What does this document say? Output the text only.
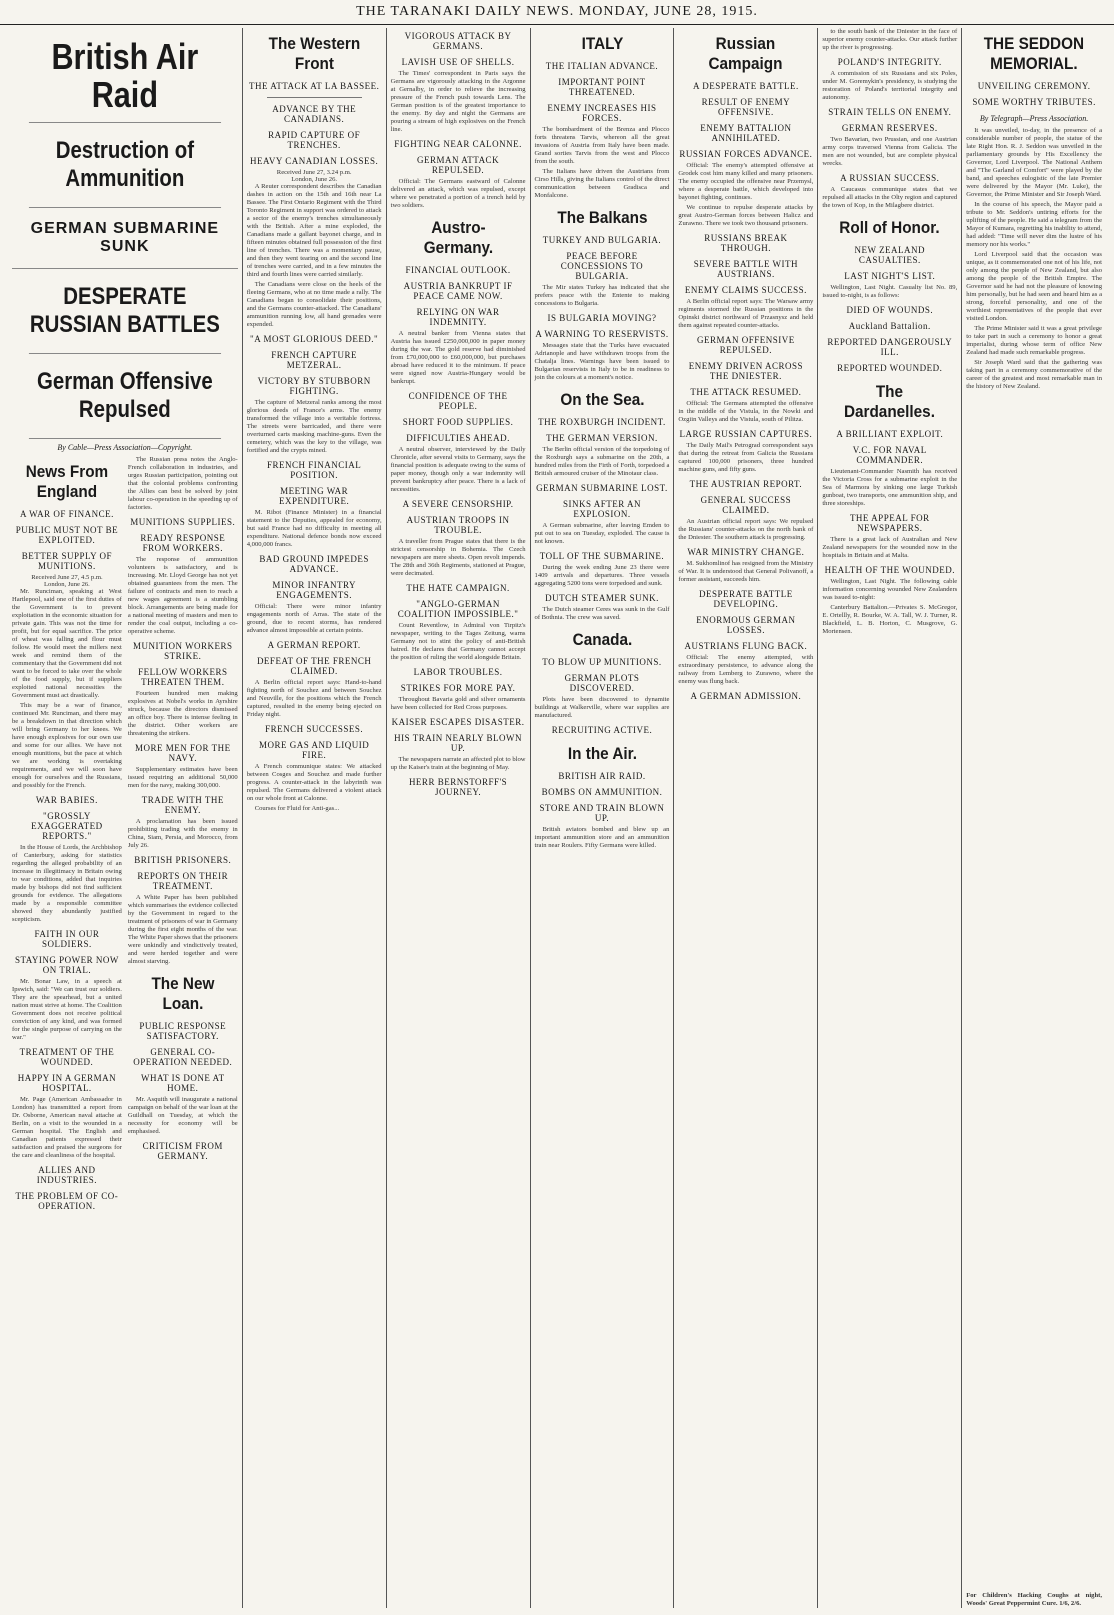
THE TARANAKI DAILY NEWS. MONDAY, JUNE 28, 1915.
British Air Raid
Destruction of Ammunition
GERMAN SUBMARINE SUNK
DESPERATE RUSSIAN BATTLES
German Offensive Repulsed
By Cable—Press Association—Copyright.
News From England
A WAR OF FINANCE.
PUBLIC MUST NOT BE EXPLOITED.
BETTER SUPPLY OF MUNITIONS.
Received June 27, 4.5 p.m.
London, June 26.

Mr. Runciman, speaking at West Hartlepool, said one of the first duties of the Government is to prevent exploitation in the economic situation for private gain. This was not the time for profit, but for equal sacrifice. The price of wheat was falling and flour must follow. He would meet the millers next week and remind them of the commentary that the Government did not want to be forced to take over the whole of the food supply, but if suppliers exploited national necessities the Government must act drastically.

This may be a war of finance, continued Mr. Runciman, and there may be a breakdown in that direction which will bring Germany to her knees. We have enough explosives for our own use and some for our allies. We have not enough munitions, but the pace at which we are working is overtaking requirements, and we will soon have enough for ourselves and the Russians, and possibly for the French.

WAR BABIES.
"GROSSLY EXAGGERATED REPORTS."

In the House of Lords, the Archbishop of Canterbury, asking for statistics regarding the alleged probability of an increase in illegitimacy in Britain owing to war conditions, added that inquiries made by bishops did not find sufficient grounds for evidence. The allegations made by a responsible committee showed they abundantly justified scepticism.

FAITH IN OUR SOLDIERS.
STAYING POWER NOW ON TRIAL.

Mr. Bonar Law, in a speech at Ipswich, said: "We can trust our soldiers. They are the spearhead, but a united nation must strive at home. The Coalition Government does not receive political conviction of any kind, and was formed for the single purpose of carrying on the war."

TREATMENT OF THE WOUNDED.
HAPPY IN A GERMAN HOSPITAL.

Mr. Page (American Ambassador in London) has transmitted a report from Dr. Osborne, American naval attache at Berlin, on a visit to the wounded in a German hospital. The English and Canadian patients expressed their satisfaction and praised the surgeons for the care and cleanliness of the hospital.

ALLIES AND INDUSTRIES.
THE PROBLEM OF CO-OPERATION.

The Russian press notes the Anglo-French collaboration in industries, and urges Russian participation, pointing out that the colonial problems confronting the Allies can best be solved by joint labour co-operation in the speeding up of factories.

MUNITIONS SUPPLIES.
READY RESPONSE FROM WORKERS.

The response of ammunition volunteers is satisfactory, and is increasing. Mr. Lloyd George has not yet obtained guarantees from the men. The failure of contracts and men to reach a new wages agreement is a stumbling block. Arrangements are being made for a national meeting of masters and men to render the coal output, including a co-operative scheme.

MUNITION WORKERS STRIKE.
FELLOW WORKERS THREATEN THEM.

Fourteen hundred men making explosives at Nobel's works in Ayrshire struck, because the directors dismissed an office boy. There is intense feeling in the district. Other workers are threatening the strikers.

MORE MEN FOR THE NAVY.

Supplementary estimates have been issued requiring an additional 50,000 men for the navy, making 300,000.

TRADE WITH THE ENEMY.

A proclamation has been issued prohibiting trading with the enemy in China, Siam, Persia, and Morocco, from July 26.

BRITISH PRISONERS.
REPORTS ON THEIR TREATMENT.

A White Paper has been published which summarises the evidence collected by the Government in regard to the treatment of prisoners of war in Germany during the first eight months of the war. The White Paper shows that the prisoners were unkindly and vindictively treated, and were herded together and were almost starving.

The New Loan.
PUBLIC RESPONSE SATISFACTORY.
GENERAL CO-OPERATION NEEDED.
WHAT IS DONE AT HOME.

Mr. Asquith will inaugurate a national campaign on behalf of the war loan at the Guildhall on Tuesday, at which the necessity for economy will be emphasised.

CRITICISM FROM GERMANY.
The Western Front
THE ATTACK AT LA BASSEE.
ADVANCE BY THE CANADIANS.
RAPID CAPTURE OF TRENCHES.
HEAVY CANADIAN LOSSES.
Received June 27, 3.24 p.m.
London, June 26.

A Reuter correspondent describes the Canadian dashes in action on the 15th and 16th near La Bassee. The First Ontario Regiment with the Third Toronto Regiment in support was ordered to attack a sector of the enemy's trenches simultaneously with the British. After a mine exploded, the Canadians made a gallant bayonet charge, and in fifteen minutes obtained full possession of the first line of trenches. There was a momentary pause, and then they went tearing on and the second line of trenches were carried, and in a few minutes the third and fourth lines were carried similarly.

The Canadians were close on the heels of the fleeing Germans, who at no time made a rally. The Canadians began to consolidate their positions, and the Germans counter-attacked. The Canadians' ammunition running low, all hand grenades were expended.

"A MOST GLORIOUS DEED."
FRENCH CAPTURE METZERAL.
VICTORY BY STUBBORN FIGHTING.

The capture of Metzeral ranks among the most glorious deeds of France's arms. The enemy transformed the village into a veritable fortress. The streets were barricaded, and there were overturned carts masking machine-guns. Even the cemetery, which was the key to the village, was fortified and the crypts mined.

FRENCH FINANCIAL POSITION.
MEETING WAR EXPENDITURE.

M. Ribot (Finance Minister) in a financial statement to the Deputies, appealed for economy, but said France had no difficulty in meeting all expenditure. National defence bonds now exceed 4,000,000 francs.

BAD GROUND IMPEDES ADVANCE.
MINOR INFANTRY ENGAGEMENTS.

Official: There were minor infantry engagements north of Arras. The state of the ground, due to recent storms, has rendered advance almost impossible at certain points.

A GERMAN REPORT.
DEFEAT OF THE FRENCH CLAIMED.

A Berlin official report says: Hand-to-hand fighting north of Souchez and between Souchez and Neuville, for the positions which the French captured, resulted in the enemy being ejected on Friday night.

FRENCH SUCCESSES.
MORE GAS AND LIQUID FIRE.

A French communique states: We attacked between Cosges and Souchez and made further progress. A counter-attack in the labyrinth was repulsed. The Germans delivered a violent attack on our whole front at Calonne.

Courses for Fluid for Anti-gas...

VIGOROUS ATTACK BY GERMANS.
LAVISH USE OF SHELLS.

The Times' correspondent in Paris says the Germans are vigorously attacking in the Argonne at Gernalby, in order to relieve the increasing pressure of the French push towards Lens. The German position is of the greatest importance to the enemy. By day and night the Germans are pouring a stream of high explosives on the French line.

FIGHTING NEAR CALONNE.
GERMAN ATTACK REPULSED.

Official: The Germans eastward of Calonne delivered an attack, which was repulsed, except where we penetrated a portion of a trench held by two soldiers.

Austro-Germany.
FINANCIAL OUTLOOK.
AUSTRIA BANKRUPT IF PEACE CAME NOW.
RELYING ON WAR INDEMNITY.

A neutral banker from Vienna states that Austria has issued £250,000,000 in paper money during the war. The gold reserve had diminished from £70,000,000 to £60,000,000, but purchases abroad have reduced it to the minimum. If peace were signed now Austria-Hungary would be bankrupt.

CONFIDENCE OF THE PEOPLE.
SHORT FOOD SUPPLIES.
DIFFICULTIES AHEAD.

A neutral observer, interviewed by the Daily Chronicle, after several visits to Germany, says the financial position is adequate owing to the sums of paper money, though only a war indemnity will prevent bankruptcy after peace. There is a lack of necessities.

A SEVERE CENSORSHIP.
AUSTRIAN TROOPS IN TROUBLE.

A traveller from Prague states that there is the strictest censorship in Bohemia. The Czech newspapers are mere sheets. Open revolt impends. The 28th and 36th Regiments, stationed at Prague, were decimated.

THE HATE CAMPAIGN.
"ANGLO-GERMAN COALITION IMPOSSIBLE."

Count Reventlow, in Admiral von Tirpitz's newspaper, writing to the Tages Zeitung, warns Germany not to stint the policy of anti-British hatred. He declares that Germany cannot accept the position of ruling the world alongside Britain.

LABOR TROUBLES.
STRIKES FOR MORE PAY.

Throughout Bavaria gold and silver ornaments have been collected for Red Cross purposes.

KAISER ESCAPES DISASTER.
HIS TRAIN NEARLY BLOWN UP.

The newspapers narrate an affected plot to blow up the Kaiser's train at the beginning of May.

HERR BERNSTORFF'S JOURNEY.
ITALY
THE ITALIAN ADVANCE.
IMPORTANT POINT THREATENED.
ENEMY INCREASES HIS FORCES.

The bombardment of the Brenza and Plocco forts threatens Tarvis, whereon all the great invasions of Austria from Italy have been made. Grand sorties Tarvis from the west and Plocco from the south.

The Italians have driven the Austrians from Cirso Hills, giving the Italians control of the direct communication between Gradisca and Monfalcone.

The Balkans
TURKEY AND BULGARIA.
PEACE BEFORE CONCESSIONS TO BULGARIA.

The Mir states Turkey has indicated that she prefers peace with the Entente to making concessions to Bulgaria.

IS BULGARIA MOVING?
A WARNING TO RESERVISTS.

Messages state that the Turks have evacuated Adrianople and have withdrawn troops from the Chatalja lines. Warnings have been issued to Bulgarian reservists in Italy to be in readiness to join the colours at a moment's notice.

On the Sea.
THE ROXBURGH INCIDENT.
THE GERMAN VERSION.

The Berlin official version of the torpedoing of the Roxburgh says a submarine on the 20th, a hundred miles from the Firth of Forth, torpedoed a British armoured cruiser of the Minotaur class.

GERMAN SUBMARINE LOST.
SINKS AFTER AN EXPLOSION.

A German submarine, after leaving Emden to put out to sea on Tuesday, exploded. The cause is not known.

TOLL OF THE SUBMARINE.

During the week ending June 23 there were 1409 arrivals and departures. Three vessels aggregating 5200 tons were torpedoed and sunk.

DUTCH STEAMER SUNK.

The Dutch steamer Ceres was sunk in the Gulf of Bothnia. The crew was saved.

Canada.
TO BLOW UP MUNITIONS.
GERMAN PLOTS DISCOVERED.

Plots have been discovered to dynamite buildings at Walkerville, where war supplies are manufactured.

RECRUITING ACTIVE.
In the Air.
BRITISH AIR RAID.
BOMBS ON AMMUNITION.
STORE AND TRAIN BLOWN UP.

British aviators bombed and blew up an important ammunition store and an ammunition train near Roulers. Fifty Germans were killed.

Russian Campaign
A DESPERATE BATTLE.
RESULT OF ENEMY OFFENSIVE.
ENEMY BATTALION ANNIHILATED.
RUSSIAN FORCES ADVANCE.

Official: The enemy's attempted offensive at Grodek cost him many killed and many prisoners. The enemy occupied the offensive near Przemysl, where a desperate battle, which developed into bayonet fighting, continues.

We continue to repulse desperate attacks by great Austro-German forces between Halicz and Zurawno. There we took two thousand prisoners.

RUSSIANS BREAK THROUGH.
SEVERE BATTLE WITH AUSTRIANS.
ENEMY CLAIMS SUCCESS.

A Berlin official report says: The Warsaw army regiments stormed the Russian positions in the Opinski district northward of Przasnysz and held them against repeated counter-attacks.

GERMAN OFFENSIVE REPULSED.
ENEMY DRIVEN ACROSS THE DNIESTER.
THE ATTACK RESUMED.

Official: The Germans attempted the offensive in the middle of the Vistula, in the Nowki and Ozgiin Valleys and the Vistula, south of Pilitza.

LARGE RUSSIAN CAPTURES.

The Daily Mail's Petrograd correspondent says that during the retreat from Galicia the Russians captured 100,000 prisoners, three hundred machine guns, and fifty guns.

THE AUSTRIAN REPORT.
GENERAL SUCCESS CLAIMED.

An Austrian official report says: We repulsed the Russians' counter-attacks on the north bank of the Dniester. The southern attack is progressing.

WAR MINISTRY CHANGE.

M. Sukhomlinof has resigned from the Ministry of War. It is understood that General Polivanoff, a former assistant, succeeds him.

DESPERATE BATTLE DEVELOPING.
ENORMOUS GERMAN LOSSES.
AUSTRIANS FLUNG BACK.

Official: The enemy attempted, with extraordinary persistence, to advance along the railway from Lemberg to Zurawno, where the enemy was flung back.

A GERMAN ADMISSION.

to the south bank of the Dniester in the face of superior enemy counter-attacks. Our attack further up the river is progressing.

POLAND'S INTEGRITY.

A commission of six Russians and six Poles, under M. Goremykin's presidency, is studying the restoration of Poland's territorial integrity and autonomy.

STRAIN TELLS ON ENEMY.
GERMAN RESERVES.

Two Bavarian, two Prussian, and one Austrian army corps traversed Vienna from Galicia. The men are not wounded, but are complete physical wrecks.

A RUSSIAN SUCCESS.

A Caucasus communique states that we repulsed all attacks in the Olty region and captured the town of Kop, in the Milagbere district.

Roll of Honor.
NEW ZEALAND CASUALTIES.
LAST NIGHT'S LIST.

Wellington, Last Night. Casualty list No. 89, issued to-night, is as follows:

DIED OF WOUNDS.
Auckland Battalion.
REPORTED DANGEROUSLY ILL.
REPORTED WOUNDED.
The Dardanelles.
A BRILLIANT EXPLOIT.
V.C. FOR NAVAL COMMANDER.

Lieutenant-Commander Nasmith has received the Victoria Cross for a submarine exploit in the Sea of Marmora by sinking one large Turkish gunboat, two transports, one ammunition ship, and three storeships.

THE APPEAL FOR NEWSPAPERS.

There is a great lack of Australian and New Zealand newspapers for the wounded now in the hospitals in Britain and at Malta.

HEALTH OF THE WOUNDED.

Wellington, Last Night. The following cable information concerning wounded New Zealanders was issued to-night:

Canterbury Battalion.—Privates S. McGregor, E. Ortellly, R. Bourke, W. A. Tall, W. J. Turner, R. Blackfield, L. B. Horton, C. Musgrove, G. Mortensen.

THE SEDDON MEMORIAL.
UNVEILING CEREMONY.
SOME WORTHY TRIBUTES.
By Telegraph—Press Association.

It was unveiled, to-day, in the presence of a considerable number of people, the statue of the late Right Hon. R. J. Seddon was unveiled in the parliamentary grounds by His Excellency the Governor, Lord Liverpool. The National Anthem and "The Garland of Comfort" were played by the band, and speeches eulogistic of the late Premier were delivered by the Mayor (Mr. Luke), the Governor, the Prime Minister and Sir Joseph Ward.

In the course of his speech, the Mayor paid a tribute to Mr. Seddon's untiring efforts for the uplifting of the people. He said a telegram from the Mayor of Kumara, regretting his inability to attend, had added: "Time will never dim the lustre of his memory nor his works."

Lord Liverpool said that the occasion was unique, as it commemorated one not of his life, not only among the people of New Zealand, but also among the people of the British Empire. The Governor said he had not the pleasure of knowing him personally, but he had seen and heard him as a strong, forceful personality, and one of the worthiest representatives of the people that ever visited London.

The Prime Minister said it was a great privilege to take part in such a ceremony to honor a great imperialist, during whose term of office New Zealand had made such remarkable progress.

Sir Joseph Ward said that the gathering was taking part in a ceremony commemorative of the career of the greatest and most remarkable man in the history of New Zealand.

For Children's Hacking Coughs at night, Woods' Great Peppermint Cure. 1/6, 2/6.
